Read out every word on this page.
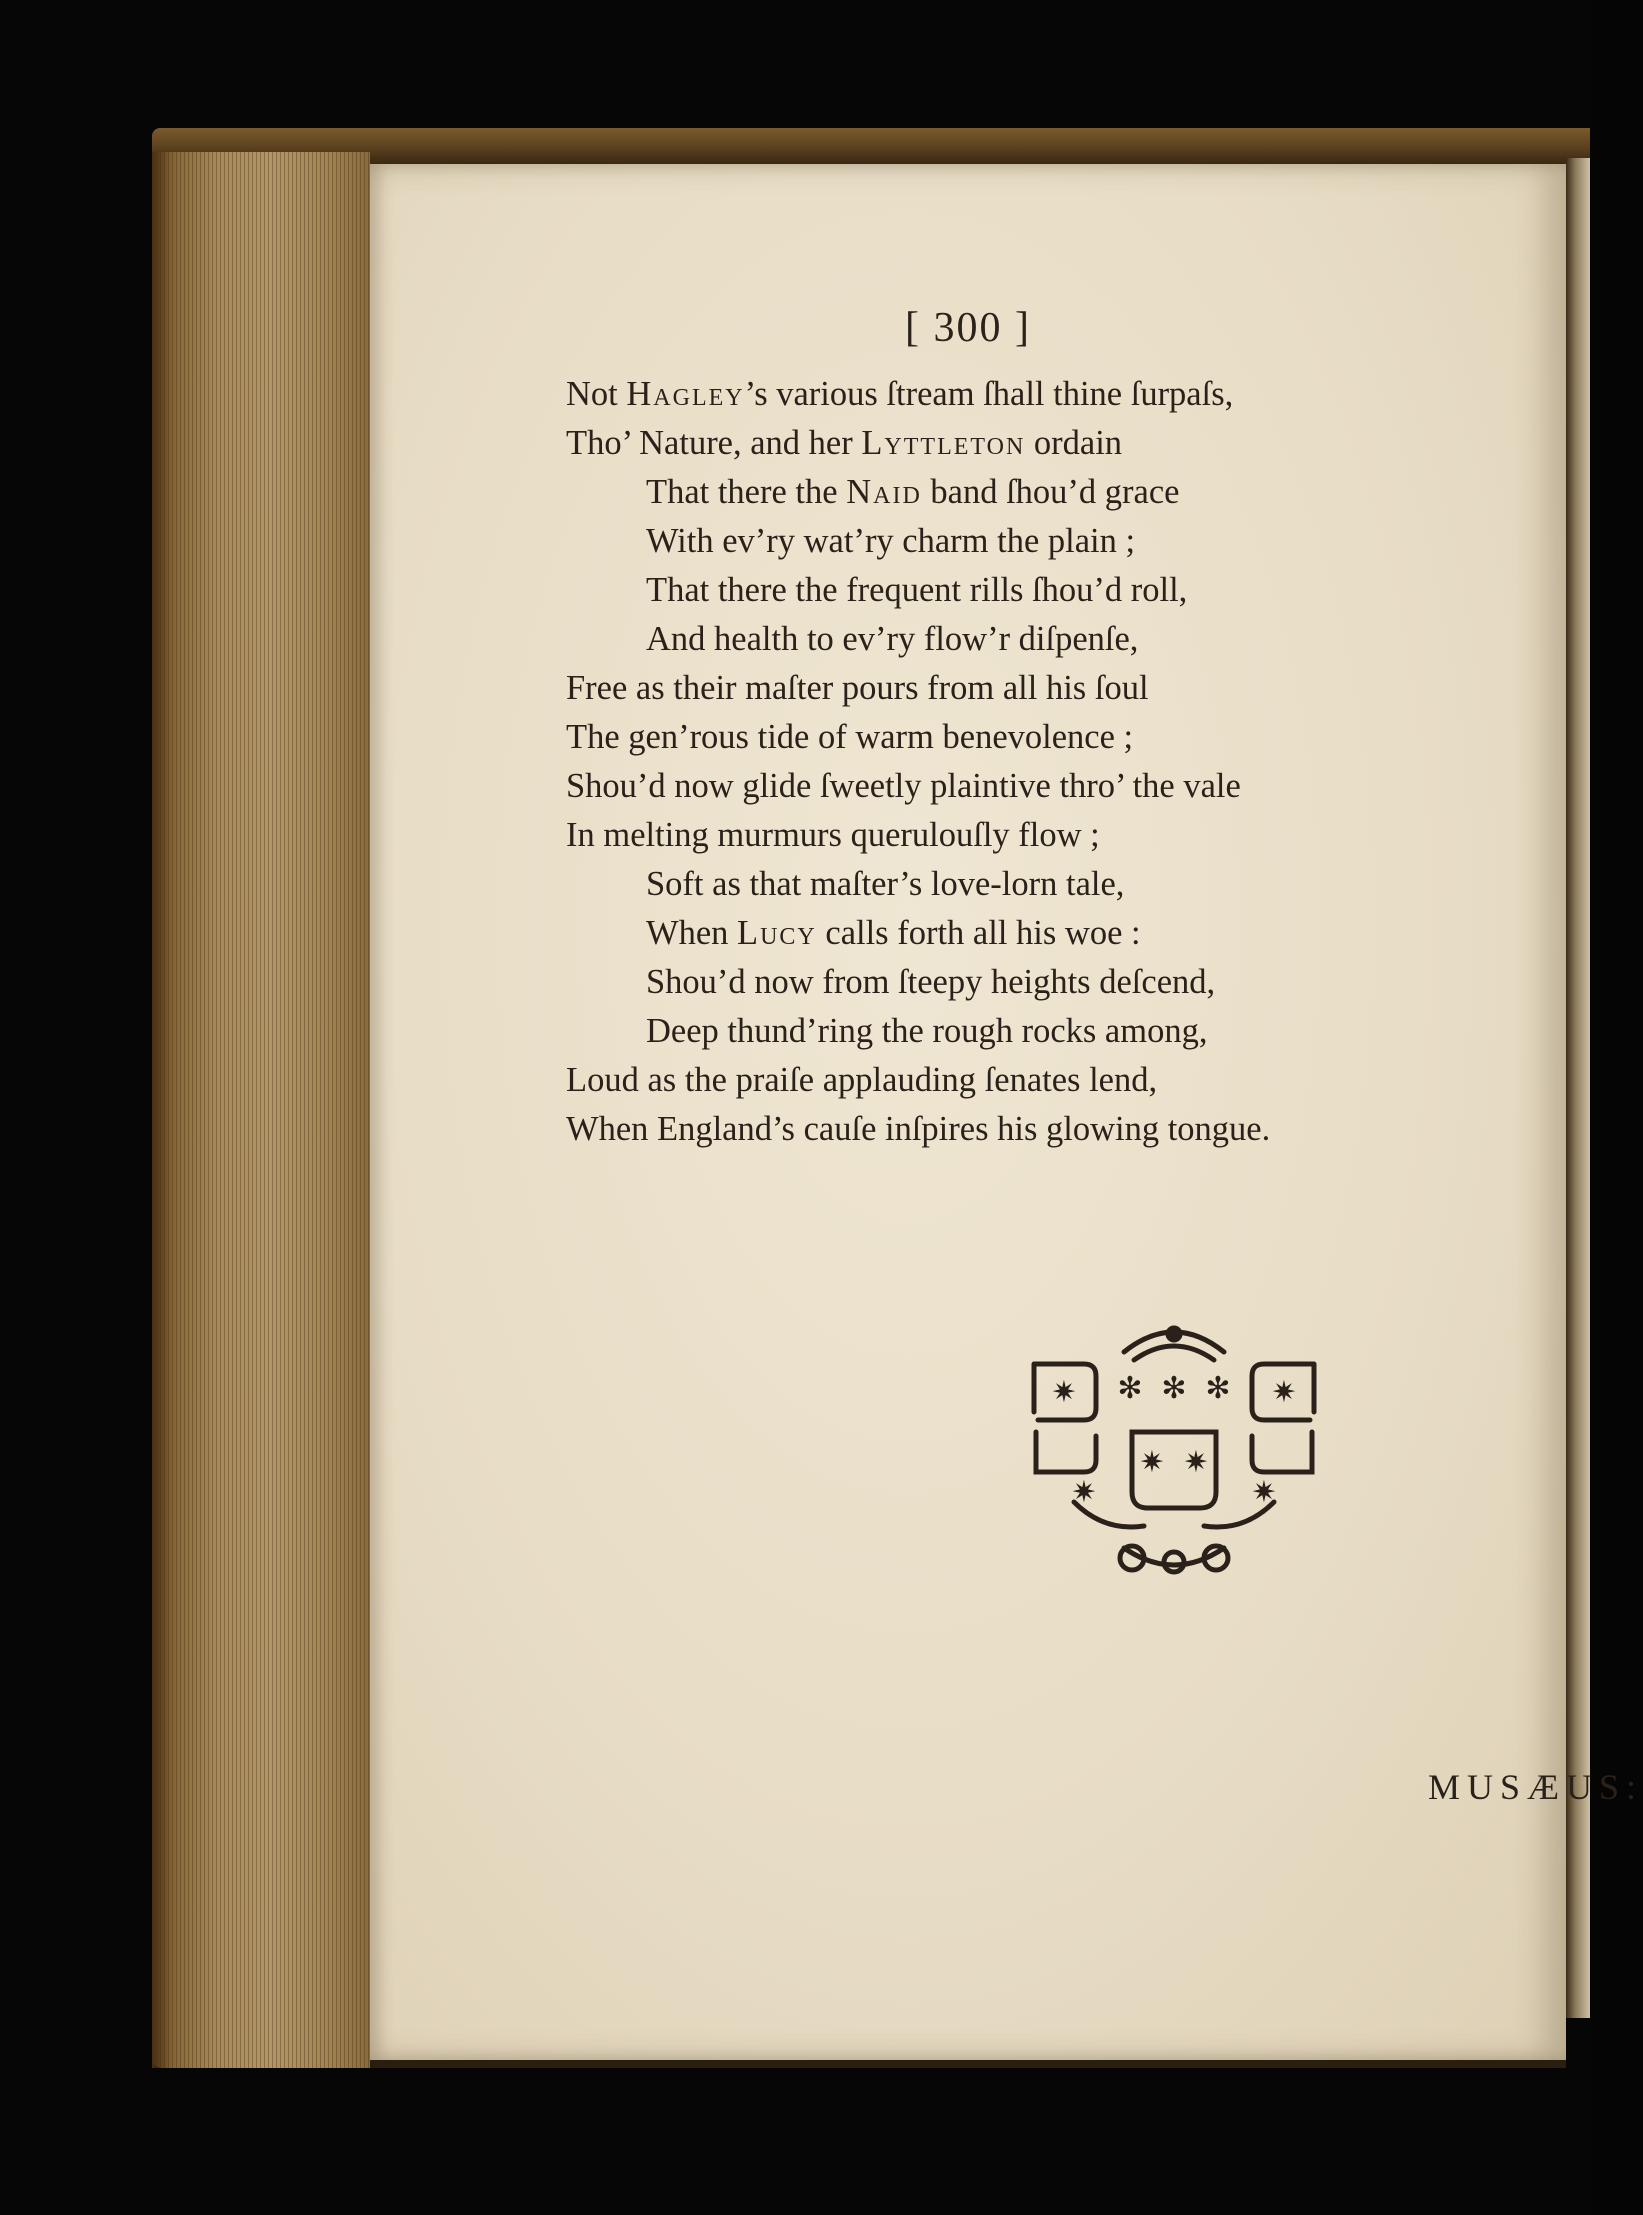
[ 300 ]
Not Hagley’s various ſtream ſhall thine ſurpaſs,
Tho’ Nature, and her Lyttleton ordain
That there the Naid band ſhou’d grace
With ev’ry wat’ry charm the plain ;
That there the frequent rills ſhou’d roll,
And health to ev’ry flow’r diſpenſe,
Free as their maſter pours from all his ſoul
The gen’rous tide of warm benevolence ;
Shou’d now glide ſweetly plaintive thro’ the vale
In melting murmurs querulouſly flow ;
Soft as that maſter’s love-lorn tale,
When Lucy calls forth all his woe :
Shou’d now from ſteepy heights deſcend,
Deep thund’ring the rough rocks among,
Loud as the praiſe applauding ſenates lend,
When England’s cauſe inſpires his glowing tongue.
✻ ✻ ✻
✷ ✷
✷	✷
✷	✷
MUSÆUS:
